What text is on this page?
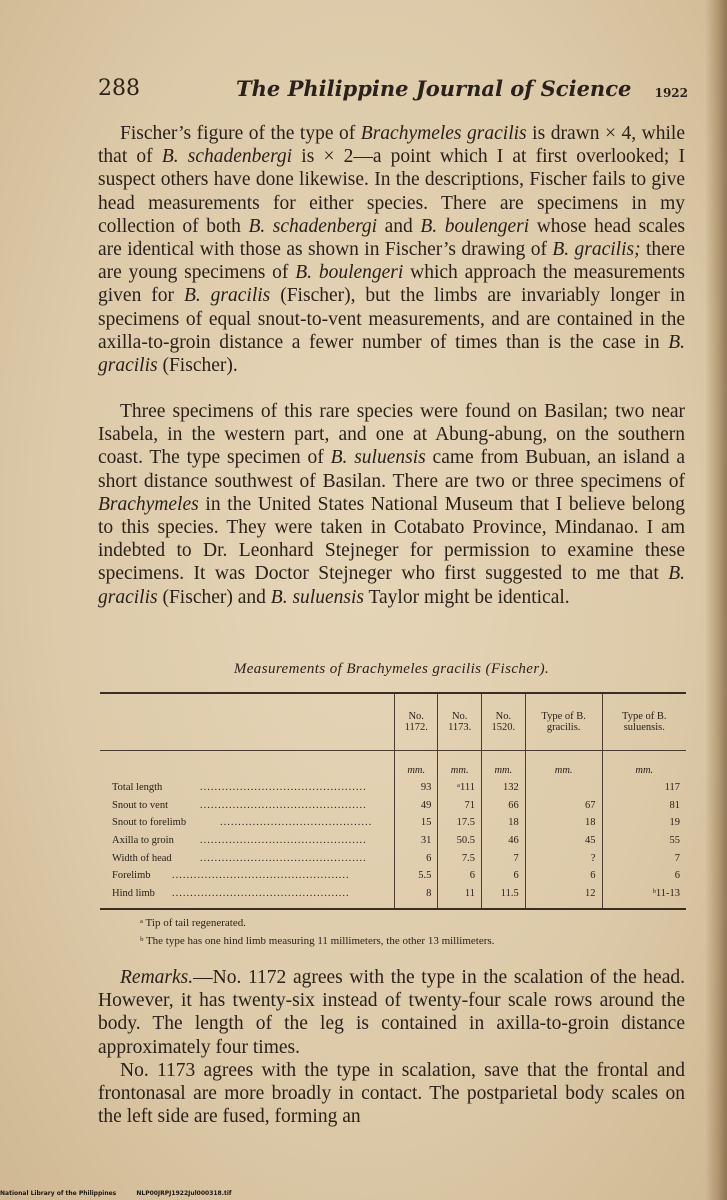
288	The Philippine Journal of Science 1922

Fischer’s figure of the type of Brachymeles gracilis is drawn × 4, while that of B. schadenbergi is × 2—a point which I at first overlooked; I suspect others have done likewise. In the descriptions, Fischer fails to give head measurements for either species. There are specimens in my collection of both B. schadenbergi and B. boulengeri whose head scales are identical with those as shown in Fischer’s drawing of B. gracilis; there are young specimens of B. boulengeri which approach the measurements given for B. gracilis (Fischer), but the limbs are invariably longer in specimens of equal snout-to-vent measurements, and are contained in the axilla-to-groin distance a fewer number of times than is the case in B. gracilis (Fischer).

Three specimens of this rare species were found on Basilan; two near Isabela, in the western part, and one at Abung-abung, on the southern coast. The type specimen of B. suluensis came from Bubuan, an island a short distance southwest of Basilan. There are two or three specimens of Brachymeles in the United States National Museum that I believe belong to this species. They were taken in Cotabato Province, Mindanao. I am indebted to Dr. Leonhard Stejneger for permission to examine these specimens. It was Doctor Stejneger who first suggested to me that B. gracilis (Fischer) and B. suluensis Taylor might be identical.

Measurements of Brachymeles gracilis (Fischer).
	No. 1172.	No. 1173.	No. 1520.	Type of B. gracilis.	Type of B. suluensis.
	mm.	mm.	mm.	mm.	mm.
Total length ..............................................	93	ᵃ111	132		117
Snout to vent ..............................................	49	71	66	67	81
Snout to forelimb ..........................................	15	17.5	18	18	19
Axilla to groin ..............................................	31	50.5	46	45	55
Width of head ..............................................	6	7.5	7	?	7
Forelimb .................................................	5.5	6	6	6	6
Hind limb .................................................	8	11	11.5	12	ᵇ11-13
ᵃ Tip of tail regenerated.
ᵇ The type has one hind limb measuring 11 millimeters, the other 13 millimeters.

Remarks.—No. 1172 agrees with the type in the scalation of the head. However, it has twenty-six instead of twenty-four scale rows around the body. The length of the leg is contained in axilla-to-groin distance approximately four times.

No. 1173 agrees with the type in scalation, save that the frontal and frontonasal are more broadly in contact. The postparietal body scales on the left side are fused, forming an

National Library of the Philippines	NLP00JRPJ1922Jul000318.tif
